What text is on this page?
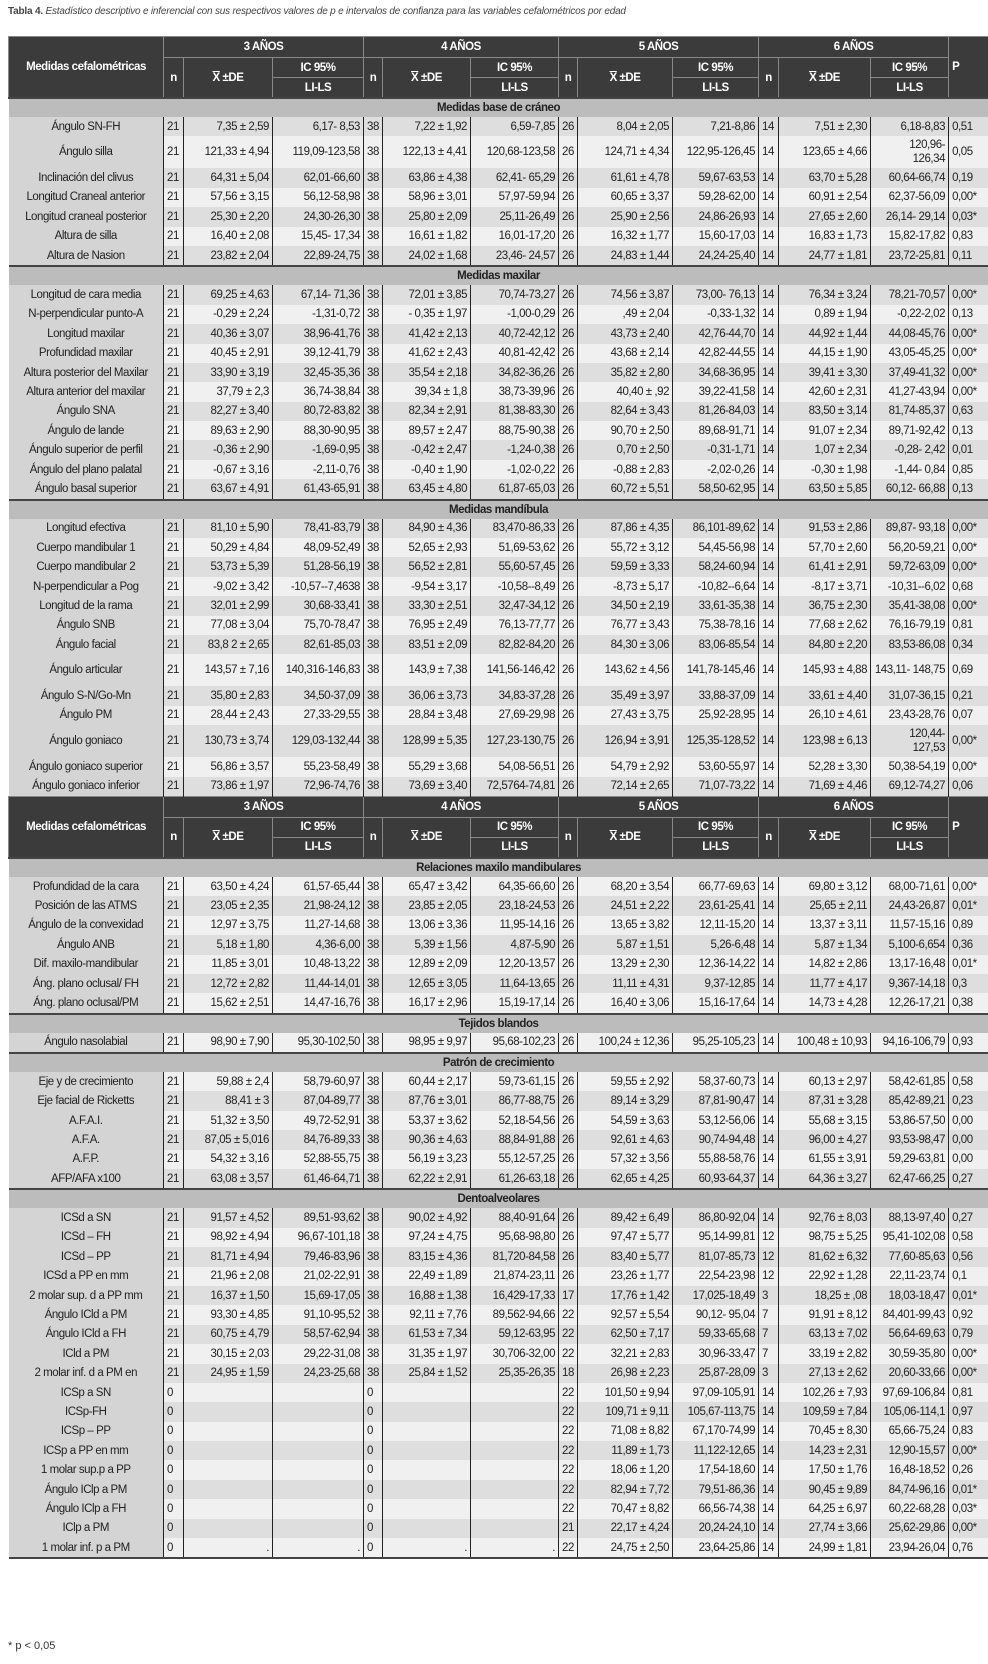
Tabla 4. Estadístico descriptivo e inferencial con sus respectivos valores de p e intervalos de confianza para las variables cefalométricos por edad
Medidas cefalométricas	3 AÑOS			4 AÑOS			5 AÑOS			6 AÑOS			P
	n	$\overline{X} \pm DE$	IC 95%	n	$\overline{X} \pm DE$	IC 95%	n	$\overline{X} \pm DE$	IC 95%	n	$\overline{X} \pm DE$	IC 95%	
			LI-LS			LI-LS			LI-LS			LI-LS	
Medidas base de cráneo													
Ángulo SN-FH	21	7,35 ± 2,59	6,17- 8,53	38	7,22 ± 1,92	6,59-7,85	26	8,04 ± 2,05	7,21-8,86	14	7,51 ± 2,30	6,18-8,83	0,51
Ángulo silla	21	121,33 ± 4,94	119,09-123,58	38	122,13 ± 4,41	120,68-123,58	26	124,71 ± 4,34	122,95-126,45	14	123,65 ± 4,66	120,96- 126,34	0,05
Inclinación del clivus	21	64,31 ± 5,04	62,01-66,60	38	63,86 ± 4,38	62,41- 65,29	26	61,61 ± 4,78	59,67-63,53	14	63,70 ± 5,28	60,64-66,74	0,19
Longitud Craneal anterior	21	57,56 ± 3,15	56,12-58,98	38	58,96 ± 3,01	57,97-59,94	26	60,65 ± 3,37	59,28-62,00	14	60,91 ± 2,54	62,37-56,09	0,00*
Longitud craneal posterior	21	25,30 ± 2,20	24,30-26,30	38	25,80 ± 2,09	25,11-26,49	26	25,90 ± 2,56	24,86-26,93	14	27,65 ± 2,60	26,14- 29,14	0,03*
Altura de silla	21	16,40 ± 2,08	15,45- 17,34	38	16,61 ± 1,82	16,01-17,20	26	16,32 ± 1,77	15,60-17,03	14	16,83 ± 1,73	15,82-17,82	0,83
Altura de Nasion	21	23,82 ± 2,04	22,89-24,75	38	24,02 ± 1,68	23,46- 24,57	26	24,83 ± 1,44	24,24-25,40	14	24,77 ± 1,81	23,72-25,81	0,11
Medidas maxilar													
Longitud de cara media	21	69,25 ± 4,63	67,14- 71,36	38	72,01 ± 3,85	70,74-73,27	26	74,56 ± 3,87	73,00- 76,13	14	76,34 ± 3,24	78,21-70,57	0,00*
N-perpendicular punto-A	21	-0,29 ± 2,24	-1,31-0,72	38	- 0,35 ± 1,97	-1,00-0,29	26	,49 ± 2,04	-0,33-1,32	14	0,89 ± 1,94	-0,22-2,02	0,13
Longitud maxilar	21	40,36 ± 3,07	38,96-41,76	38	41,42 ± 2,13	40,72-42,12	26	43,73 ± 2,40	42,76-44,70	14	44,92 ± 1,44	44,08-45,76	0,00*
Profundidad maxilar	21	40,45 ± 2,91	39,12-41,79	38	41,62 ± 2,43	40,81-42,42	26	43,68 ± 2,14	42,82-44,55	14	44,15 ± 1,90	43,05-45,25	0,00*
Altura posterior del Maxilar	21	33,90 ± 3,19	32,45-35,36	38	35,54 ± 2,18	34,82-36,26	26	35,82 ± 2,80	34,68-36,95	14	39,41 ± 3,30	37,49-41,32	0,00*
Altura anterior del maxilar	21	37,79 ± 2,3	36,74-38,84	38	39,34 ± 1,8	38,73-39,96	26	40,40 ± ,92	39,22-41,58	14	42,60 ± 2,31	41,27-43,94	0,00*
Ángulo SNA	21	82,27 ± 3,40	80,72-83,82	38	82,34 ± 2,91	81,38-83,30	26	82,64 ± 3,43	81,26-84,03	14	83,50 ± 3,14	81,74-85,37	0,63
Ángulo de lande	21	89,63 ± 2,90	88,30-90,95	38	89,57 ± 2,47	88,75-90,38	26	90,70 ± 2,50	89,68-91,71	14	91,07 ± 2,34	89,71-92,42	0,13
Ángulo superior de perfil	21	-0,36 ± 2,90	-1,69-0,95	38	-0,42 ± 2,47	-1,24-0,38	26	0,70 ± 2,50	-0,31-1,71	14	1,07 ± 2,34	-0,28- 2,42	0,01
Ángulo del plano palatal	21	-0,67 ± 3,16	-2,11-0,76	38	-0,40 ± 1,90	-1,02-0,22	26	-0,88 ± 2,83	-2,02-0,26	14	-0,30 ± 1,98	-1,44- 0,84	0,85
Ángulo basal superior	21	63,67 ± 4,91	61,43-65,91	38	63,45 ± 4,80	61,87-65,03	26	60,72 ± 5,51	58,50-62,95	14	63,50 ± 5,85	60,12- 66,88	0,13
Medidas mandíbula													
Longitud efectiva	21	81,10 ± 5,90	78,41-83,79	38	84,90 ± 4,36	83,470-86,33	26	87,86 ± 4,35	86,101-89,62	14	91,53 ± 2,86	89,87- 93,18	0,00*
Cuerpo mandibular 1	21	50,29 ± 4,84	48,09-52,49	38	52,65 ± 2,93	51,69-53,62	26	55,72 ± 3,12	54,45-56,98	14	57,70 ± 2,60	56,20-59,21	0,00*
Cuerpo mandibular 2	21	53,73 ± 5,39	51,28-56,19	38	56,52 ± 2,81	55,60-57,45	26	59,59 ± 3,33	58,24-60,94	14	61,41 ± 2,91	59,72-63,09	0,00*
N-perpendicular a Pog	21	-9,02 ± 3,42	-10,57--7,4638	38	-9,54 ± 3,17	-10,58--8,49	26	-8,73 ± 5,17	-10,82--6,64	14	-8,17 ± 3,71	-10,31--6,02	0,68
Longitud de la rama	21	32,01 ± 2,99	30,68-33,41	38	33,30 ± 2,51	32,47-34,12	26	34,50 ± 2,19	33,61-35,38	14	36,75 ± 2,30	35,41-38,08	0,00*
Ángulo SNB	21	77,08 ± 3,04	75,70-78,47	38	76,95 ± 2,49	76,13-77,77	26	76,77 ± 3,43	75,38-78,16	14	77,68 ± 2,62	76,16-79,19	0,81
Ángulo facial	21	83,8 2 ± 2,65	82,61-85,03	38	83,51 ± 2,09	82,82-84,20	26	84,30 ± 3,06	83,06-85,54	14	84,80 ± 2,20	83,53-86,08	0,34
Ángulo articular	21	143,57 ± 7,16	140,316-146,83	38	143,9 ± 7,38	141,56-146,42	26	143,62 ± 4,56	141,78-145,46	14	145,93 ± 4,88	143,11- 148,75	0,69
Ángulo S-N/Go-Mn	21	35,80 ± 2,83	34,50-37,09	38	36,06 ± 3,73	34,83-37,28	26	35,49 ± 3,97	33,88-37,09	14	33,61 ± 4,40	31,07-36,15	0,21
Ángulo PM	21	28,44 ± 2,43	27,33-29,55	38	28,84 ± 3,48	27,69-29,98	26	27,43 ± 3,75	25,92-28,95	14	26,10 ± 4,61	23,43-28,76	0,07
Ángulo goniaco	21	130,73 ± 3,74	129,03-132,44	38	128,99 ± 5,35	127,23-130,75	26	126,94 ± 3,91	125,35-128,52	14	123,98 ± 6,13	120,44- 127,53	0,00*
Ángulo goniaco superior	21	56,86 ± 3,57	55,23-58,49	38	55,29 ± 3,68	54,08-56,51	26	54,79 ± 2,92	53,60-55,97	14	52,28 ± 3,30	50,38-54,19	0,00*
Ángulo goniaco inferior	21	73,86 ± 1,97	72,96-74,76	38	73,69 ± 3,40	72,5764-74,81	26	72,14 ± 2,65	71,07-73,22	14	71,69 ± 4,46	69,12-74,27	0,06
Medidas cefalométricas	3 AÑOS			4 AÑOS			5 AÑOS			6 AÑOS			P
	n	$\overline{X} \pm DE$	IC 95%	n	$\overline{X} \pm DE$	IC 95%	n	$\overline{X} \pm DE$	IC 95%	n	$\overline{X} \pm DE$	IC 95%	
			LI-LS			LI-LS			LI-LS			LI-LS	
Relaciones maxilo mandibulares													
Profundidad de la cara	21	63,50 ± 4,24	61,57-65,44	38	65,47 ± 3,42	64,35-66,60	26	68,20 ± 3,54	66,77-69,63	14	69,80 ± 3,12	68,00-71,61	0,00*
Posición de las ATMS	21	23,05 ± 2,35	21,98-24,12	38	23,85 ± 2,05	23,18-24,53	26	24,51 ± 2,22	23,61-25,41	14	25,65 ± 2,11	24,43-26,87	0,01*
Ángulo de la convexidad	21	12,97 ± 3,75	11,27-14,68	38	13,06 ± 3,36	11,95-14,16	26	13,65 ± 3,82	12,11-15,20	14	13,37 ± 3,11	11,57-15,16	0,89
Ángulo ANB	21	5,18 ± 1,80	4,36-6,00	38	5,39 ± 1,56	4,87-5,90	26	5,87 ± 1,51	5,26-6,48	14	5,87 ± 1,34	5,100-6,654	0,36
Dif. maxilo-mandibular	21	11,85 ± 3,01	10,48-13,22	38	12,89 ± 2,09	12,20-13,57	26	13,29 ± 2,30	12,36-14,22	14	14,82 ± 2,86	13,17-16,48	0,01*
Áng. plano oclusal/ FH	21	12,72 ± 2,82	11,44-14,01	38	12,65 ± 3,05	11,64-13,65	26	11,11 ± 4,31	9,37-12,85	14	11,77 ± 4,17	9,367-14,18	0,3
Áng. plano oclusal/PM	21	15,62 ± 2,51	14,47-16,76	38	16,17 ± 2,96	15,19-17,14	26	16,40 ± 3,06	15,16-17,64	14	14,73 ± 4,28	12,26-17,21	0,38
Tejidos blandos													
Ángulo nasolabial	21	98,90 ± 7,90	95,30-102,50	38	98,95 ± 9,97	95,68-102,23	26	100,24 ± 12,36	95,25-105,23	14	100,48 ± 10,93	94,16-106,79	0,93
Patrón de crecimiento													
Eje y de crecimiento	21	59,88 ± 2,4	58,79-60,97	38	60,44 ± 2,17	59,73-61,15	26	59,55 ± 2,92	58,37-60,73	14	60,13 ± 2,97	58,42-61,85	0,58
Eje facial de Ricketts	21	88,41 ± 3	87,04-89,77	38	87,76 ± 3,01	86,77-88,75	26	89,14 ± 3,29	87,81-90,47	14	87,31 ± 3,28	85,42-89,21	0,23
A.F.A.I.	21	51,32 ± 3,50	49,72-52,91	38	53,37 ± 3,62	52,18-54,56	26	54,59 ± 3,63	53,12-56,06	14	55,68 ± 3,15	53,86-57,50	0,00
A.F.A.	21	87,05 ± 5,016	84,76-89,33	38	90,36 ± 4,63	88,84-91,88	26	92,61 ± 4,63	90,74-94,48	14	96,00 ± 4,27	93,53-98,47	0,00
A.F.P.	21	54,32 ± 3,16	52,88-55,75	38	56,19 ± 3,23	55,12-57,25	26	57,32 ± 3,56	55,88-58,76	14	61,55 ± 3,91	59,29-63,81	0,00
AFP/AFA x100	21	63,08 ± 3,57	61,46-64,71	38	62,22 ± 2,91	61,26-63,18	26	62,65 ± 4,25	60,93-64,37	14	64,36 ± 3,27	62,47-66,25	0,27
Dentoalveolares													
ICSd a SN	21	91,57 ± 4,52	89,51-93,62	38	90,02 ± 4,92	88,40-91,64	26	89,42 ± 6,49	86,80-92,04	14	92,76 ± 8,03	88,13-97,40	0,27
ICSd – FH	21	98,92 ± 4,94	96,67-101,18	38	97,24 ± 4,75	95,68-98,80	26	97,47 ± 5,77	95,14-99,81	12	98,75 ± 5,25	95,41-102,08	0,58
ICSd – PP	21	81,71 ± 4,94	79,46-83,96	38	83,15 ± 4,36	81,720-84,58	26	83,40 ± 5,77	81,07-85,73	12	81,62 ± 6,32	77,60-85,63	0,56
ICSd a PP en mm	21	21,96 ± 2,08	21,02-22,91	38	22,49 ± 1,89	21,874-23,11	26	23,26 ± 1,77	22,54-23,98	12	22,92 ± 1,28	22,11-23,74	0,1
2 molar sup. d a PP mm	21	16,37 ± 1,50	15,69-17,05	38	16,88 ± 1,38	16,429-17,33	17	17,76 ± 1,42	17,025-18,49	3	18,25 ± ,08	18,03-18,47	0,01*
Ángulo ICld a PM	21	93,30 ± 4,85	91,10-95,52	38	92,11 ± 7,76	89,562-94,66	22	92,57 ± 5,54	90,12- 95,04	7	91,91 ± 8,12	84,401-99,43	0,92
Ángulo ICld a FH	21	60,75 ± 4,79	58,57-62,94	38	61,53 ± 7,34	59,12-63,95	22	62,50 ± 7,17	59,33-65,68	7	63,13 ± 7,02	56,64-69,63	0,79
ICld a PM	21	30,15 ± 2,03	29,22-31,08	38	31,35 ± 1,97	30,706-32,00	22	32,21 ± 2,83	30,96-33,47	7	33,19 ± 2,82	30,59-35,80	0,00*
2 molar inf. d a PM en	21	24,95 ± 1,59	24,23-25,68	38	25,84 ± 1,52	25,35-26,35	18	26,98 ± 2,23	25,87-28,09	3	27,13 ± 2,62	20,60-33,66	0,00*
ICSp a SN	0			0			22	101,50 ± 9,94	97,09-105,91	14	102,26 ± 7,93	97,69-106,84	0,81
ICSp-FH	0			0			22	109,71 ± 9,11	105,67-113,75	14	109,59 ± 7,84	105,06-114,1	0,97
ICSp – PP	0			0			22	71,08 ± 8,82	67,170-74,99	14	70,45 ± 8,30	65,66-75,24	0,83
ICSp a PP en mm	0			0			22	11,89 ± 1,73	11,122-12,65	14	14,23 ± 2,31	12,90-15,57	0,00*
1 molar sup.p a PP	0			0			22	18,06 ± 1,20	17,54-18,60	14	17,50 ± 1,76	16,48-18,52	0,26
Ángulo IClp a PM	0			0			22	82,94 ± 7,72	79,51-86,36	14	90,45 ± 9,89	84,74-96,16	0,01*
Ángulo IClp a FH	0			0			22	70,47 ± 8,82	66,56-74,38	14	64,25 ± 6,97	60,22-68,28	0,03*
IClp a PM	0			0			21	22,17 ± 4,24	20,24-24,10	14	27,74 ± 3,66	25,62-29,86	0,00*
1 molar inf. p a PM	0	.	.	0	.	.	22	24,75 ± 2,50	23,64-25,86	14	24,99 ± 1,81	23,94-26,04	0,76
* p < 0,05
